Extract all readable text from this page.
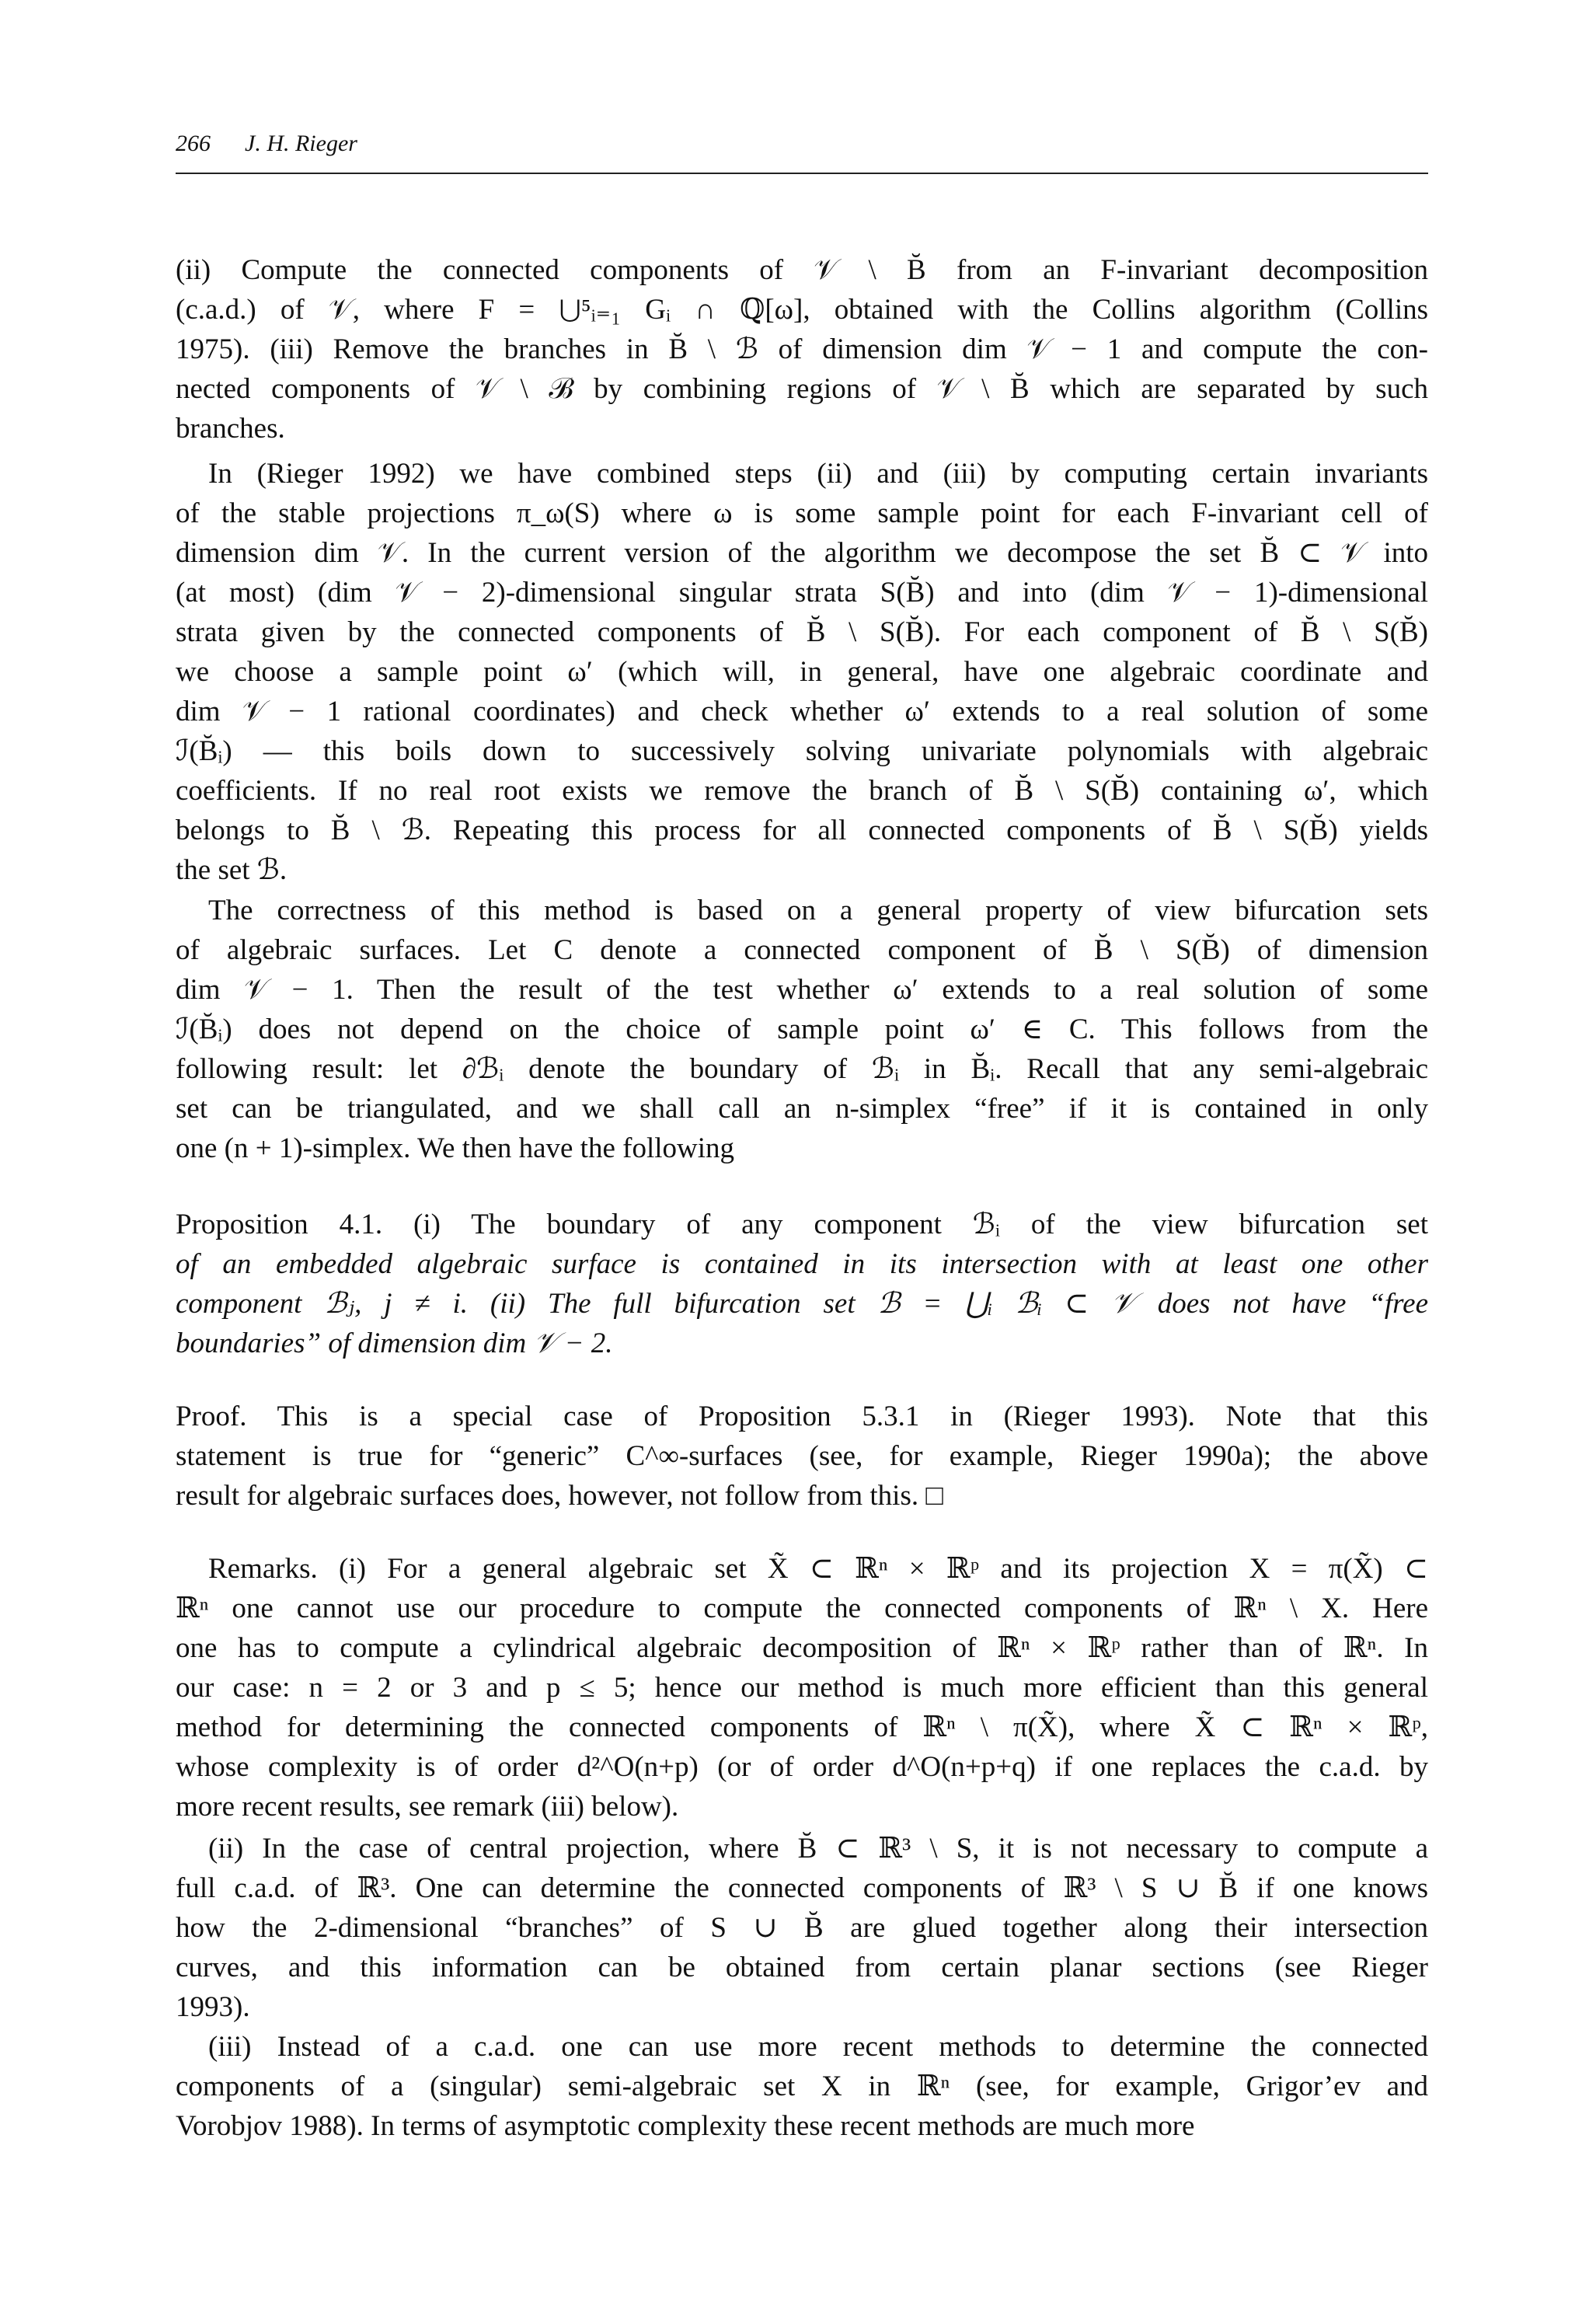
266 J. H. Rieger
(ii) Compute the connected components of 𝒱 \ B̆ from an F-invariant decomposition
(c.a.d.) of 𝒱, where F = ⋃⁵ᵢ₌₁ Gᵢ ∩ ℚ[ω], obtained with the Collins algorithm (Collins
1975). (iii) Remove the branches in B̆ \ ℬ of dimension dim 𝒱 − 1 and compute the con-
nected components of 𝒱 \ ℬ by combining regions of 𝒱 \ B̆ which are separated by such
branches.
In (Rieger 1992) we have combined steps (ii) and (iii) by computing certain invariants
of the stable projections π_ω(S) where ω is some sample point for each F-invariant cell of
dimension dim 𝒱. In the current version of the algorithm we decompose the set B̆ ⊂ 𝒱 into
(at most) (dim 𝒱 − 2)-dimensional singular strata S(B̆) and into (dim 𝒱 − 1)-dimensional
strata given by the connected components of B̆ \ S(B̆). For each component of B̆ \ S(B̆)
we choose a sample point ω′ (which will, in general, have one algebraic coordinate and
dim 𝒱 − 1 rational coordinates) and check whether ω′ extends to a real solution of some
ℐ(B̆ᵢ) — this boils down to successively solving univariate polynomials with algebraic
coefficients. If no real root exists we remove the branch of B̆ \ S(B̆) containing ω′, which
belongs to B̆ \ ℬ. Repeating this process for all connected components of B̆ \ S(B̆) yields
the set ℬ.
The correctness of this method is based on a general property of view bifurcation sets
of algebraic surfaces. Let C denote a connected component of B̆ \ S(B̆) of dimension
dim 𝒱 − 1. Then the result of the test whether ω′ extends to a real solution of some
ℐ(B̆ᵢ) does not depend on the choice of sample point ω′ ∈ C. This follows from the
following result: let ∂ℬᵢ denote the boundary of ℬᵢ in B̆ᵢ. Recall that any semi-algebraic
set can be triangulated, and we shall call an n-simplex “free” if it is contained in only
one (n + 1)-simplex. We then have the following
Proposition 4.1. (i) The boundary of any component ℬᵢ of the view bifurcation set
of an embedded algebraic surface is contained in its intersection with at least one other
component ℬⱼ, j ≠ i. (ii) The full bifurcation set ℬ = ⋃ᵢ ℬᵢ ⊂ 𝒱 does not have “free
boundaries” of dimension dim 𝒱 − 2.
Proof. This is a special case of Proposition 5.3.1 in (Rieger 1993). Note that this
statement is true for “generic” C^∞-surfaces (see, for example, Rieger 1990a); the above
result for algebraic surfaces does, however, not follow from this. □
Remarks. (i) For a general algebraic set X̃ ⊂ ℝⁿ × ℝᵖ and its projection X = π(X̃) ⊂
ℝⁿ one cannot use our procedure to compute the connected components of ℝⁿ \ X. Here
one has to compute a cylindrical algebraic decomposition of ℝⁿ × ℝᵖ rather than of ℝⁿ. In
our case: n = 2 or 3 and p ≤ 5; hence our method is much more efficient than this general
method for determining the connected components of ℝⁿ \ π(X̃), where X̃ ⊂ ℝⁿ × ℝᵖ,
whose complexity is of order d²^O(n+p) (or of order d^O(n+p+q) if one replaces the c.a.d. by
more recent results, see remark (iii) below).
(ii) In the case of central projection, where B̆ ⊂ ℝ³ \ S, it is not necessary to compute a
full c.a.d. of ℝ³. One can determine the connected components of ℝ³ \ S ∪ B̆ if one knows
how the 2-dimensional “branches” of S ∪ B̆ are glued together along their intersection
curves, and this information can be obtained from certain planar sections (see Rieger
1993).
(iii) Instead of a c.a.d. one can use more recent methods to determine the connected
components of a (singular) semi-algebraic set X in ℝⁿ (see, for example, Grigor’ev and
Vorobjov 1988). In terms of asymptotic complexity these recent methods are much more
